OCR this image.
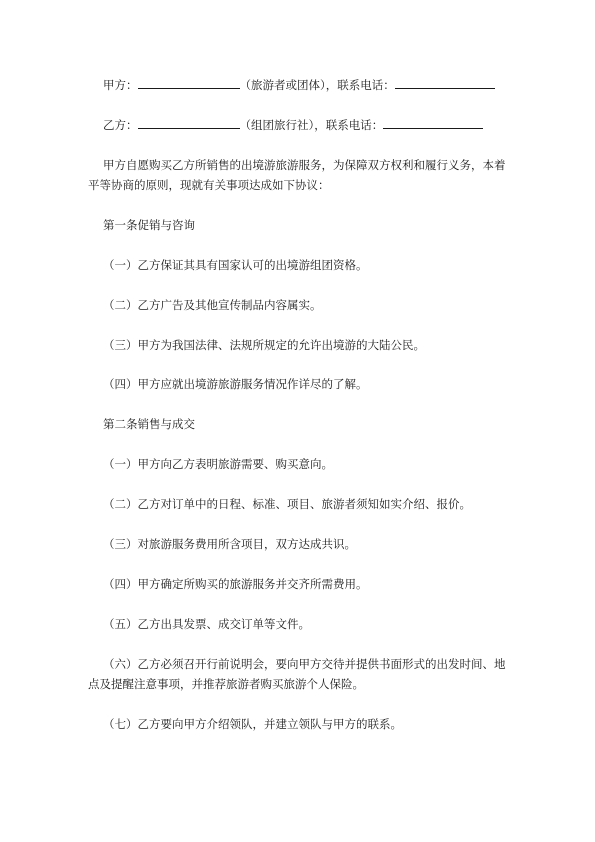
甲方：	（旅游者或团体），联系电话：
乙方：	（组团旅行社），联系电话：
甲方自愿购买乙方所销售的出境游旅游服务，为保障双方权利和履行义务，本着
平等协商的原则，现就有关事项达成如下协议：
第一条促销与咨询
（一）乙方保证其具有国家认可的出境游组团资格。
（二）乙方广告及其他宣传制品内容属实。
（三）甲方为我国法律、法规所规定的允许出境游的大陆公民。
（四）甲方应就出境游旅游服务情况作详尽的了解。
第二条销售与成交
（一）甲方向乙方表明旅游需要、购买意向。
（二）乙方对订单中的日程、标准、项目、旅游者须知如实介绍、报价。
（三）对旅游服务费用所含项目，双方达成共识。
（四）甲方确定所购买的旅游服务并交齐所需费用。
（五）乙方出具发票、成交订单等文件。
（六）乙方必须召开行前说明会，要向甲方交待并提供书面形式的出发时间、地
点及提醒注意事项，并推荐旅游者购买旅游个人保险。
（七）乙方要向甲方介绍领队，并建立领队与甲方的联系。
